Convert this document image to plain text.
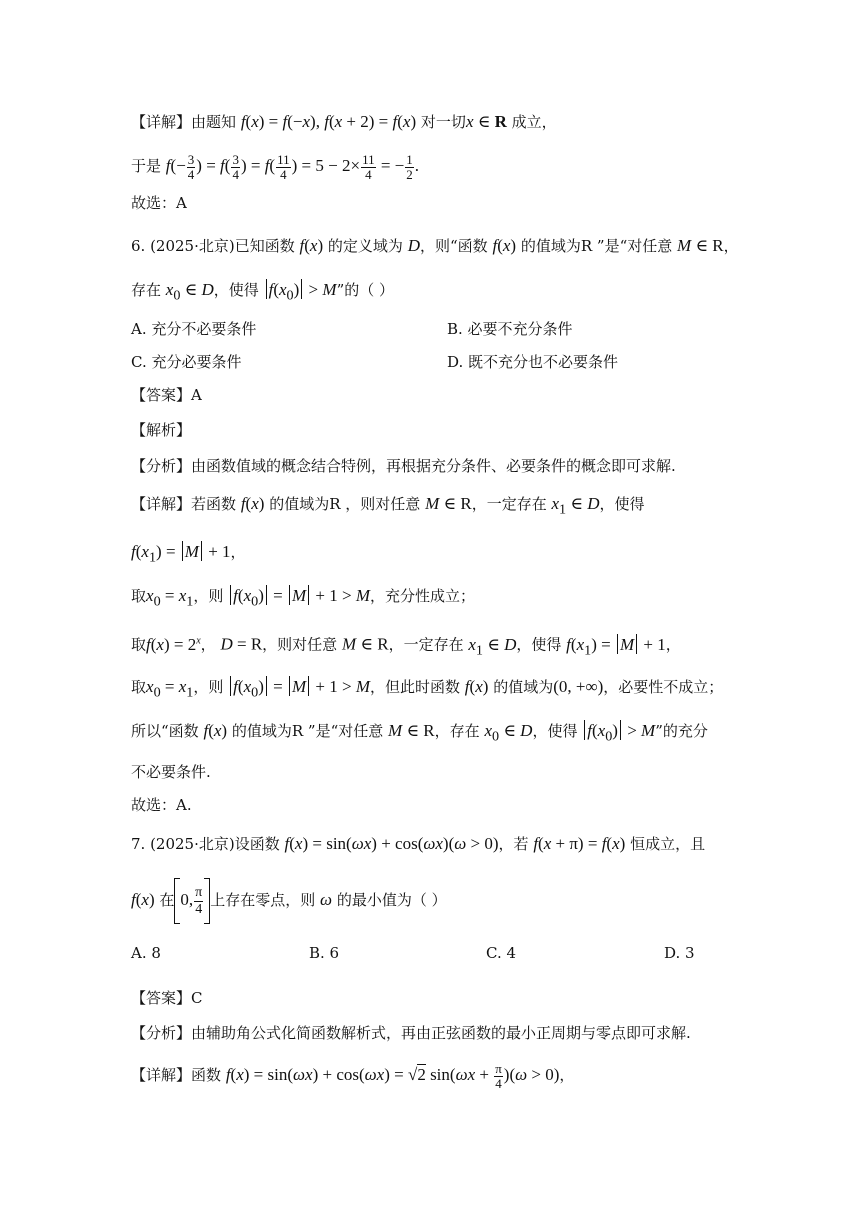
【详解】由题知 f(x) = f(−x), f(x + 2) = f(x) 对一切x ∈ R 成立，
于是 $f(- \frac{3}{4}$ ) = $f( \frac{3}{4}$ ) = $f( \frac{11}{4}$ ) = $5 - 2\times \frac{11}{4}$ = − $\frac{1}{2}$ .
故选：A
6. (2025·北京)已知函数 f(x) 的定义域为 D，则“函数 f(x) 的值域为R ”是“对任意 M ∈ R，
存在 $x_0$ ∈ D，使得 $f(x_0) > M$”的（ ）
A. 充分不必要条件	B. 必要不充分条件
C. 充分必要条件	D. 既不充分也不必要条件
【答案】A
【解析】
【分析】由函数值域的概念结合特例，再根据充分条件、必要条件的概念即可求解.
【详解】若函数 f(x) 的值域为R ，则对任意 M ∈ R，一定存在 $x_1$ ∈ D，使得
$f(x_1) = M + 1$，
取$x_0 = x_1$，则 $f(x_0) = M + 1 > M$，充分性成立；
取$f(x) = 2^x$， D = R，则对任意 M ∈ R，一定存在 $x_1$ ∈ D，使得 $f(x_1) = M + 1$，
取$x_0 = x_1$，则 $f(x_0) = M + 1 > M$，但此时函数 f(x) 的值域为(0, +∞)，必要性不成立；
所以“函数 f(x) 的值域为R ”是“对任意 M ∈ R，存在 $x_0$ ∈ D，使得 $f(x_0) > M$”的充分
不必要条件.
故选：A.
7. (2025·北京)设函数 f(x) = sin(ωx) + cos(ωx)(ω > 0)，若 f(x + π) = f(x) 恒成立，且
f(x) 在 0, $\frac{\pi}{4}$ 上存在零点，则 ω 的最小值为（ ）
A. 8	B. 6	C. 4	D. 3
【答案】C
【分析】由辅助角公式化简函数解析式，再由正弦函数的最小正周期与零点即可求解.
【详解】函数 f(x) = sin(ωx) + cos(ωx) = √2 $\sin(\omega x + \frac{\pi}{4} )(\omega > 0)$，
